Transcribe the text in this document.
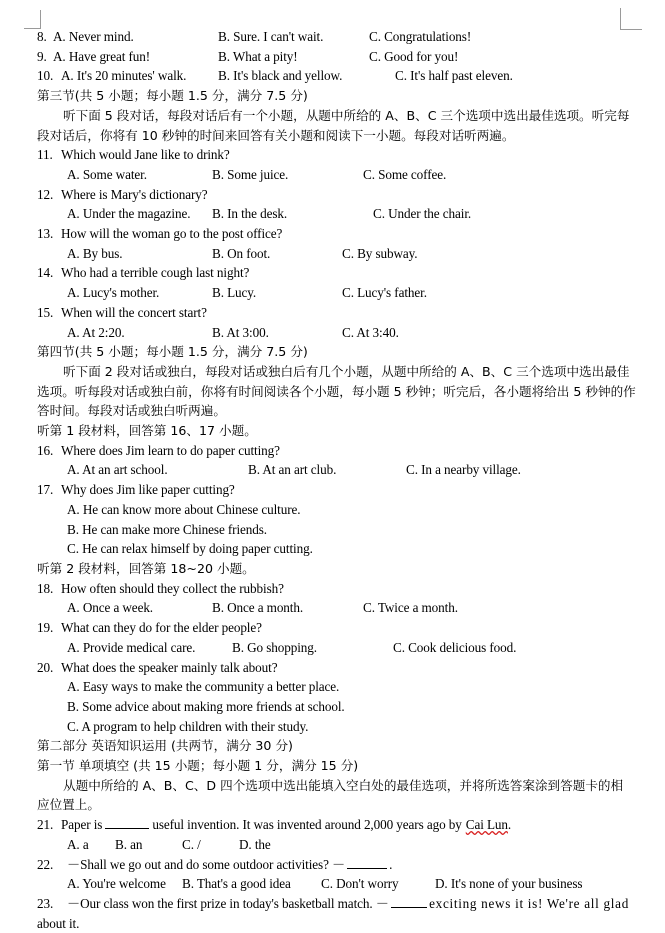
8. A. Never mind.	B. Sure. I can't wait.	C. Congratulations!
9. A. Have great fun!	B. What a pity!	C. Good for you!
10. A. It's 20 minutes' walk.	B. It's black and yellow.	C. It's half past eleven.
第三节(共 5 小题；每小题 1.5 分，满分 7.5 分)
听下面 5 段对话，每段对话后有一个小题，从题中所给的 A、B、C 三个选项中选出最佳选项。听完每
段对话后，你将有 10 秒钟的时间来回答有关小题和阅读下一小题。每段对话听两遍。
11. Which would Jane like to drink?
A. Some water.	B. Some juice.	C. Some coffee.
12. Where is Mary's dictionary?
A. Under the magazine.	B. In the desk.	C. Under the chair.
13. How will the woman go to the post office?
A. By bus.	B. On foot.	C. By subway.
14. Who had a terrible cough last night?
A. Lucy's mother.	B. Lucy.	C. Lucy's father.
15. When will the concert start?
A. At 2:20.	B. At 3:00.	C. At 3:40.
第四节(共 5 小题；每小题 1.5 分，满分 7.5 分)
听下面 2 段对话或独白，每段对话或独白后有几个小题，从题中所给的 A、B、C 三个选项中选出最佳
选项。听每段对话或独白前，你将有时间阅读各个小题，每小题 5 秒钟；听完后，各小题将给出 5 秒钟的作
答时间。每段对话或独白听两遍。
听第 1 段材料，回答第 16、17 小题。
16. Where does Jim learn to do paper cutting?
A. At an art school.	B. At an art club.	C. In a nearby village.
17. Why does Jim like paper cutting?
A. He can know more about Chinese culture.
B. He can make more Chinese friends.
C. He can relax himself by doing paper cutting.
听第 2 段材料，回答第 18~20 小题。
18. How often should they collect the rubbish?
A. Once a week.	B. Once a month.	C. Twice a month.
19. What can they do for the elder people?
A. Provide medical care.	B. Go shopping.	C. Cook delicious food.
20. What does the speaker mainly talk about?
A. Easy ways to make the community a better place.
B. Some advice about making more friends at school.
C. A program to help children with their study.
第二部分 英语知识运用 (共两节，满分 30 分)
第一节 单项填空 (共 15 小题；每小题 1 分，满分 15 分)
从题中所给的 A、B、C、D 四个选项中选出能填入空白处的最佳选项，并将所选答案涂到答题卡的相
应位置上。
21. Paper is	useful invention. It was invented around 2,000 years ago by Cai Lun .
A. a	B. an	C. /	D. the
22.	－Shall we go out and do some outdoor activities? －	.
A. You're welcome	B. That's a good idea	C. Don't worry	D. It's none of your business
23.	－Our class won the first prize in today's basketball match. －	exciting news it is! We're all glad
about it.
